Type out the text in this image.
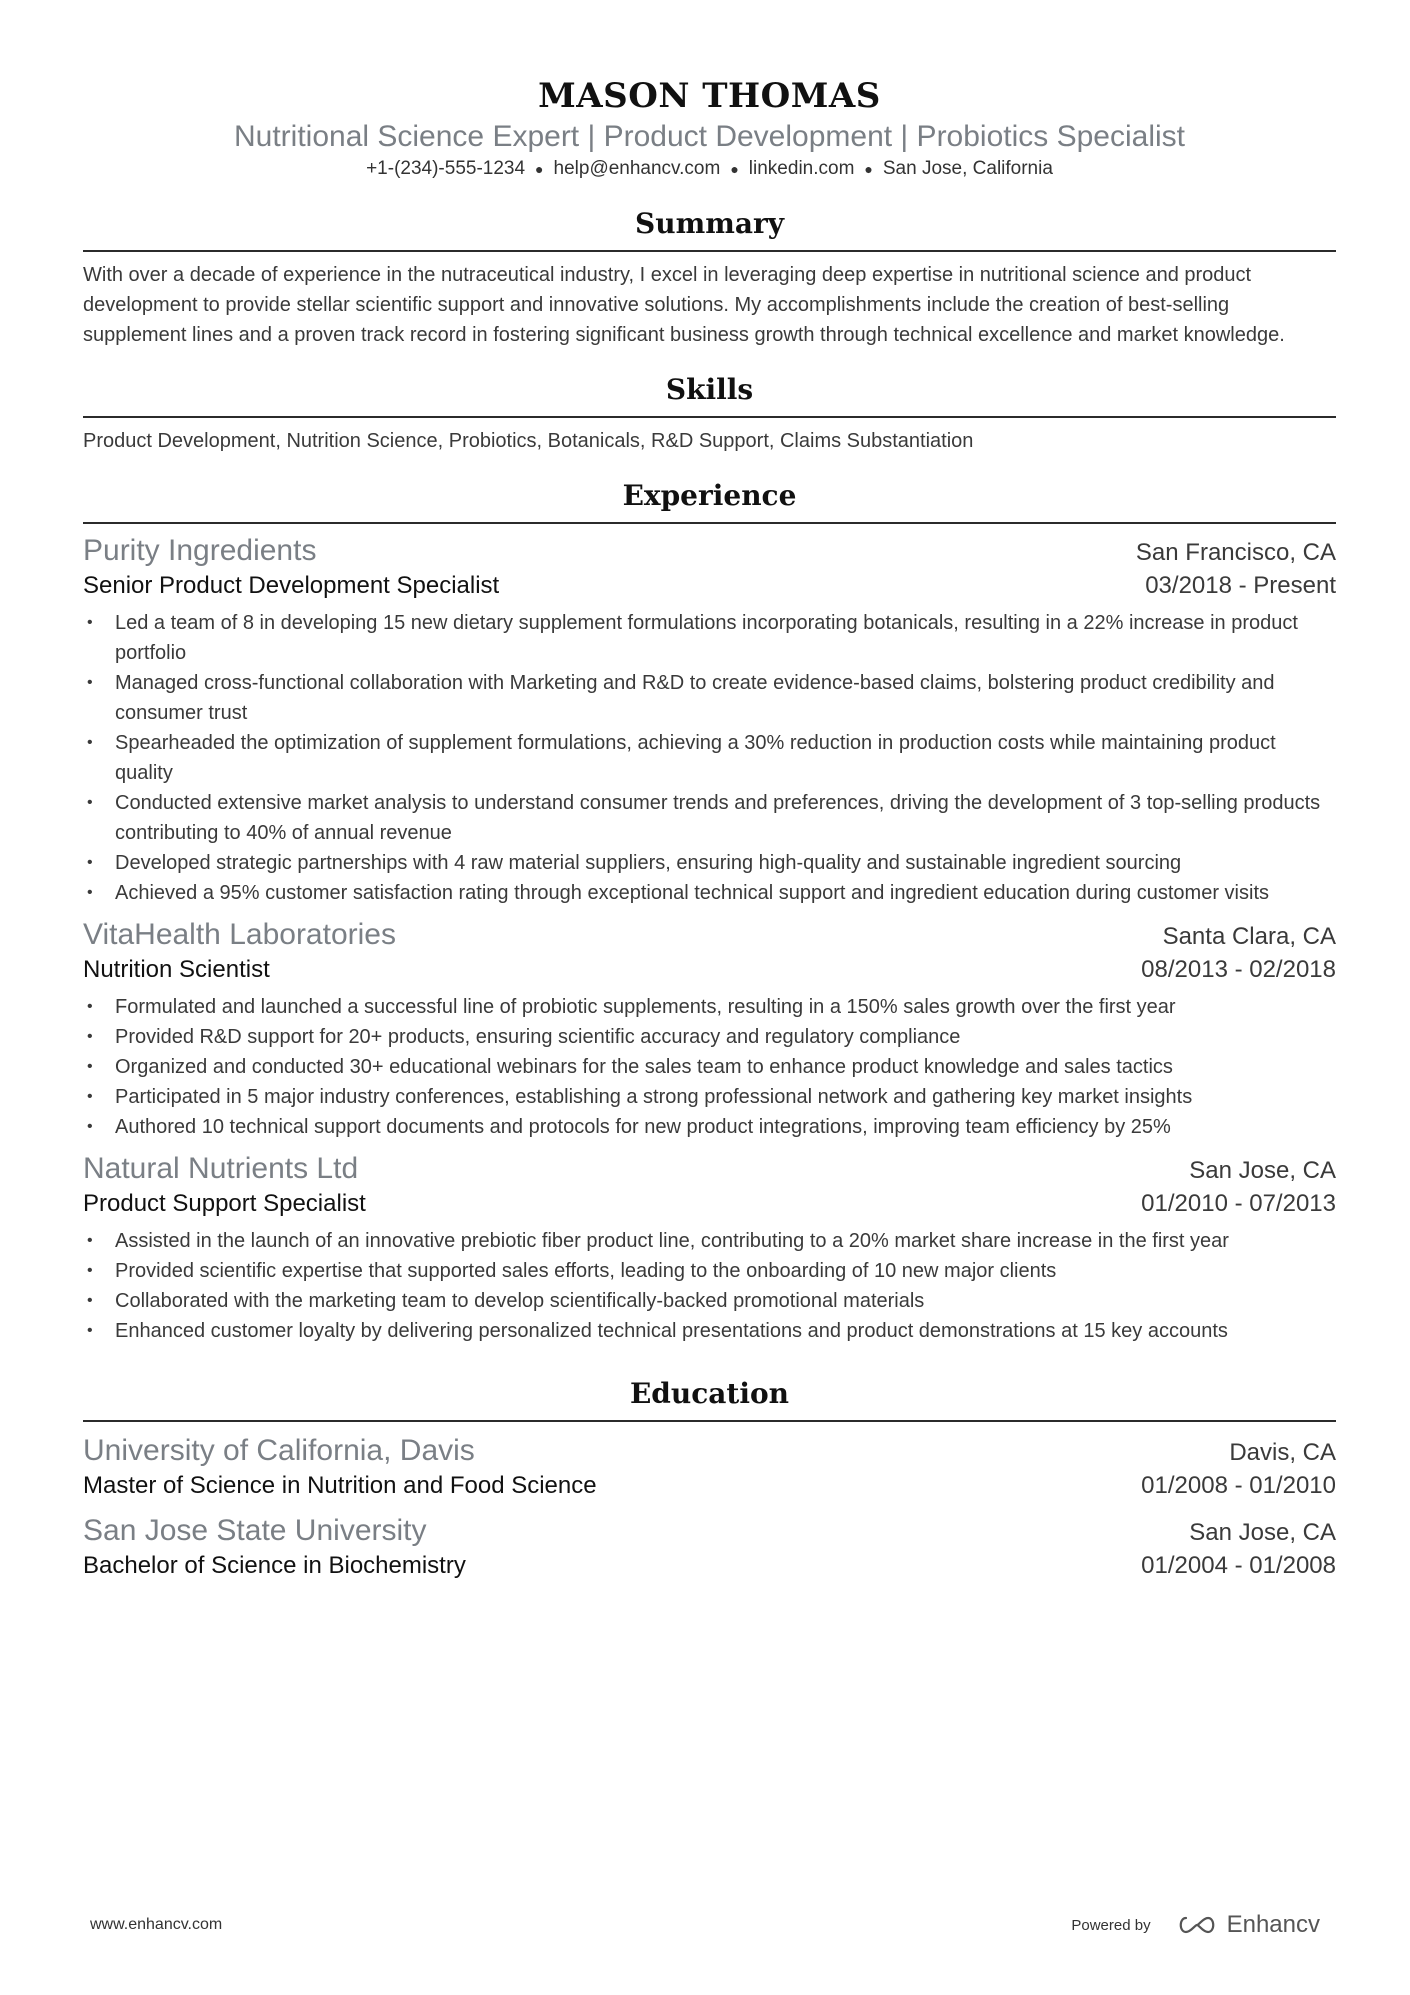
MASON THOMAS
Nutritional Science Expert | Product Development | Probiotics Specialist
+1-(234)-555-1234 ● help@enhancv.com ● linkedin.com ● San Jose, California
Summary
With over a decade of experience in the nutraceutical industry, I excel in leveraging deep expertise in nutritional science and product development to provide stellar scientific support and innovative solutions. My accomplishments include the creation of best-selling supplement lines and a proven track record in fostering significant business growth through technical excellence and market knowledge.
Skills
Product Development, Nutrition Science, Probiotics, Botanicals, R&D Support, Claims Substantiation
Experience
Purity Ingredients	San Francisco, CA
Senior Product Development Specialist	03/2018 - Present
• Led a team of 8 in developing 15 new dietary supplement formulations incorporating botanicals, resulting in a 22% increase in product portfolio
• Managed cross-functional collaboration with Marketing and R&D to create evidence-based claims, bolstering product credibility and consumer trust
• Spearheaded the optimization of supplement formulations, achieving a 30% reduction in production costs while maintaining product quality
• Conducted extensive market analysis to understand consumer trends and preferences, driving the development of 3 top-selling products contributing to 40% of annual revenue
• Developed strategic partnerships with 4 raw material suppliers, ensuring high-quality and sustainable ingredient sourcing
• Achieved a 95% customer satisfaction rating through exceptional technical support and ingredient education during customer visits
VitaHealth Laboratories	Santa Clara, CA
Nutrition Scientist	08/2013 - 02/2018
• Formulated and launched a successful line of probiotic supplements, resulting in a 150% sales growth over the first year
• Provided R&D support for 20+ products, ensuring scientific accuracy and regulatory compliance
• Organized and conducted 30+ educational webinars for the sales team to enhance product knowledge and sales tactics
• Participated in 5 major industry conferences, establishing a strong professional network and gathering key market insights
• Authored 10 technical support documents and protocols for new product integrations, improving team efficiency by 25%
Natural Nutrients Ltd	San Jose, CA
Product Support Specialist	01/2010 - 07/2013
• Assisted in the launch of an innovative prebiotic fiber product line, contributing to a 20% market share increase in the first year
• Provided scientific expertise that supported sales efforts, leading to the onboarding of 10 new major clients
• Collaborated with the marketing team to develop scientifically-backed promotional materials
• Enhanced customer loyalty by delivering personalized technical presentations and product demonstrations at 15 key accounts
Education
University of California, Davis	Davis, CA
Master of Science in Nutrition and Food Science	01/2008 - 01/2010
San Jose State University	San Jose, CA
Bachelor of Science in Biochemistry	01/2004 - 01/2008
www.enhancv.com	Powered by	Enhancv
